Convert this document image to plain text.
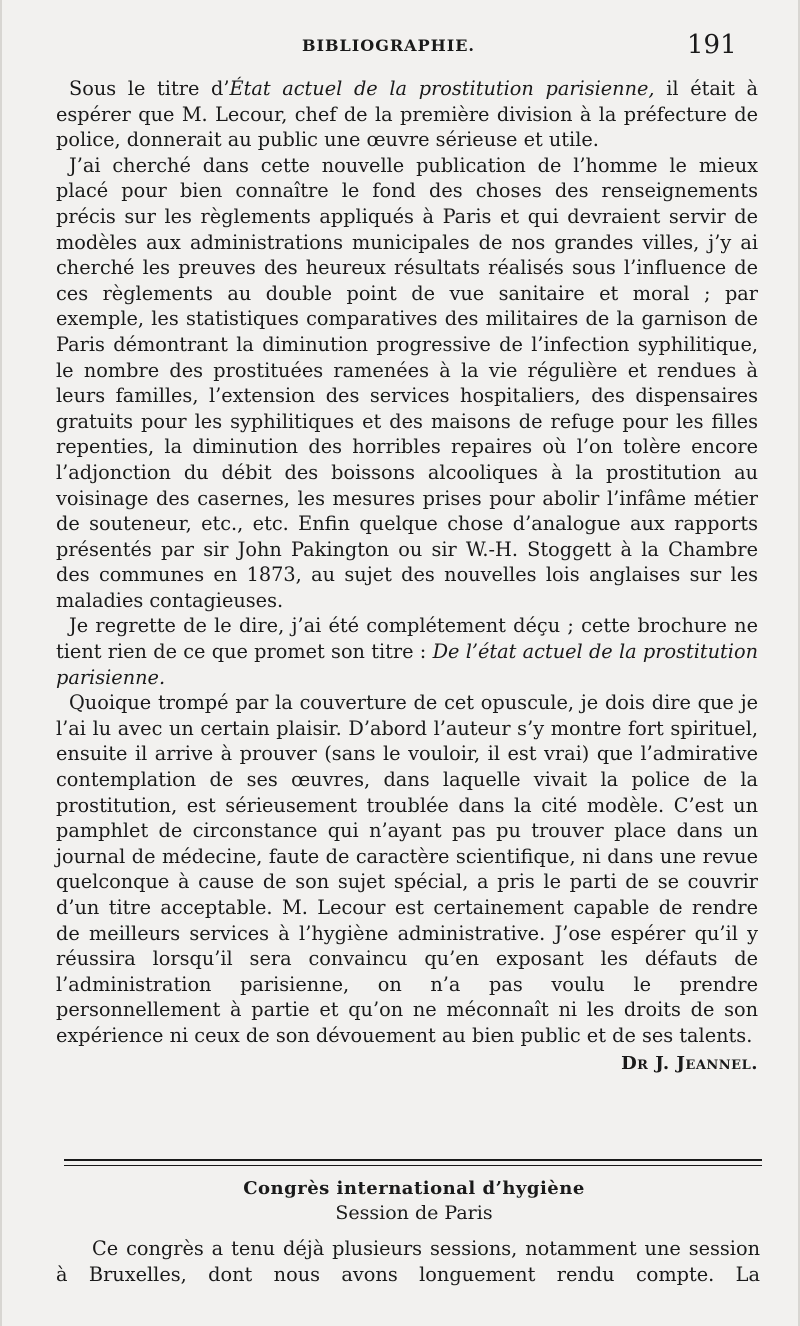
BIBLIOGRAPHIE.	191

Sous le titre d’État actuel de la prostitution parisienne, il était à espérer que M. Lecour, chef de la première division à la préfecture de police, donnerait au public une œuvre sérieuse et utile.

J’ai cherché dans cette nouvelle publication de l’homme le mieux placé pour bien connaître le fond des choses des renseignements précis sur les règlements appliqués à Paris et qui devraient servir de modèles aux administrations municipales de nos grandes villes, j’y ai cherché les preuves des heureux résultats réalisés sous l’influence de ces règlements au double point de vue sanitaire et moral ; par exemple, les statistiques comparatives des militaires de la garnison de Paris démontrant la diminution progressive de l’infection syphilitique, le nombre des prostituées ramenées à la vie régulière et rendues à leurs familles, l’extension des services hospitaliers, des dispensaires gratuits pour les syphilitiques et des maisons de refuge pour les filles repenties, la diminution des horribles repaires où l’on tolère encore l’adjonction du débit des boissons alcooliques à la prostitution au voisinage des casernes, les mesures prises pour abolir l’infâme métier de souteneur, etc., etc. Enfin quelque chose d’analogue aux rapports présentés par sir John Pakington ou sir W.-H. Stoggett à la Chambre des communes en 1873, au sujet des nouvelles lois anglaises sur les maladies contagieuses.

Je regrette de le dire, j’ai été complétement déçu ; cette brochure ne tient rien de ce que promet son titre : De l’état actuel de la prostitution parisienne.

Quoique trompé par la couverture de cet opuscule, je dois dire que je l’ai lu avec un certain plaisir. D’abord l’auteur s’y montre fort spirituel, ensuite il arrive à prouver (sans le vouloir, il est vrai) que l’admirative contemplation de ses œuvres, dans laquelle vivait la police de la prostitution, est sérieusement troublée dans la cité modèle. C’est un pamphlet de circonstance qui n’ayant pas pu trouver place dans un journal de médecine, faute de caractère scientifique, ni dans une revue quelconque à cause de son sujet spécial, a pris le parti de se couvrir d’un titre acceptable. M. Lecour est certainement capable de rendre de meilleurs services à l’hygiène administrative. J’ose espérer qu’il y réussira lorsqu’il sera convaincu qu’en exposant les défauts de l’administration parisienne, on n’a pas voulu le prendre personnellement à partie et qu’on ne méconnaît ni les droits de son expérience ni ceux de son dévouement au bien public et de ses talents.
Dr J. Jeannel.

Congrès international d’hygiène
Session de Paris

Ce congrès a tenu déjà plusieurs sessions, notamment une session à Bruxelles, dont nous avons longuement rendu compte. La
